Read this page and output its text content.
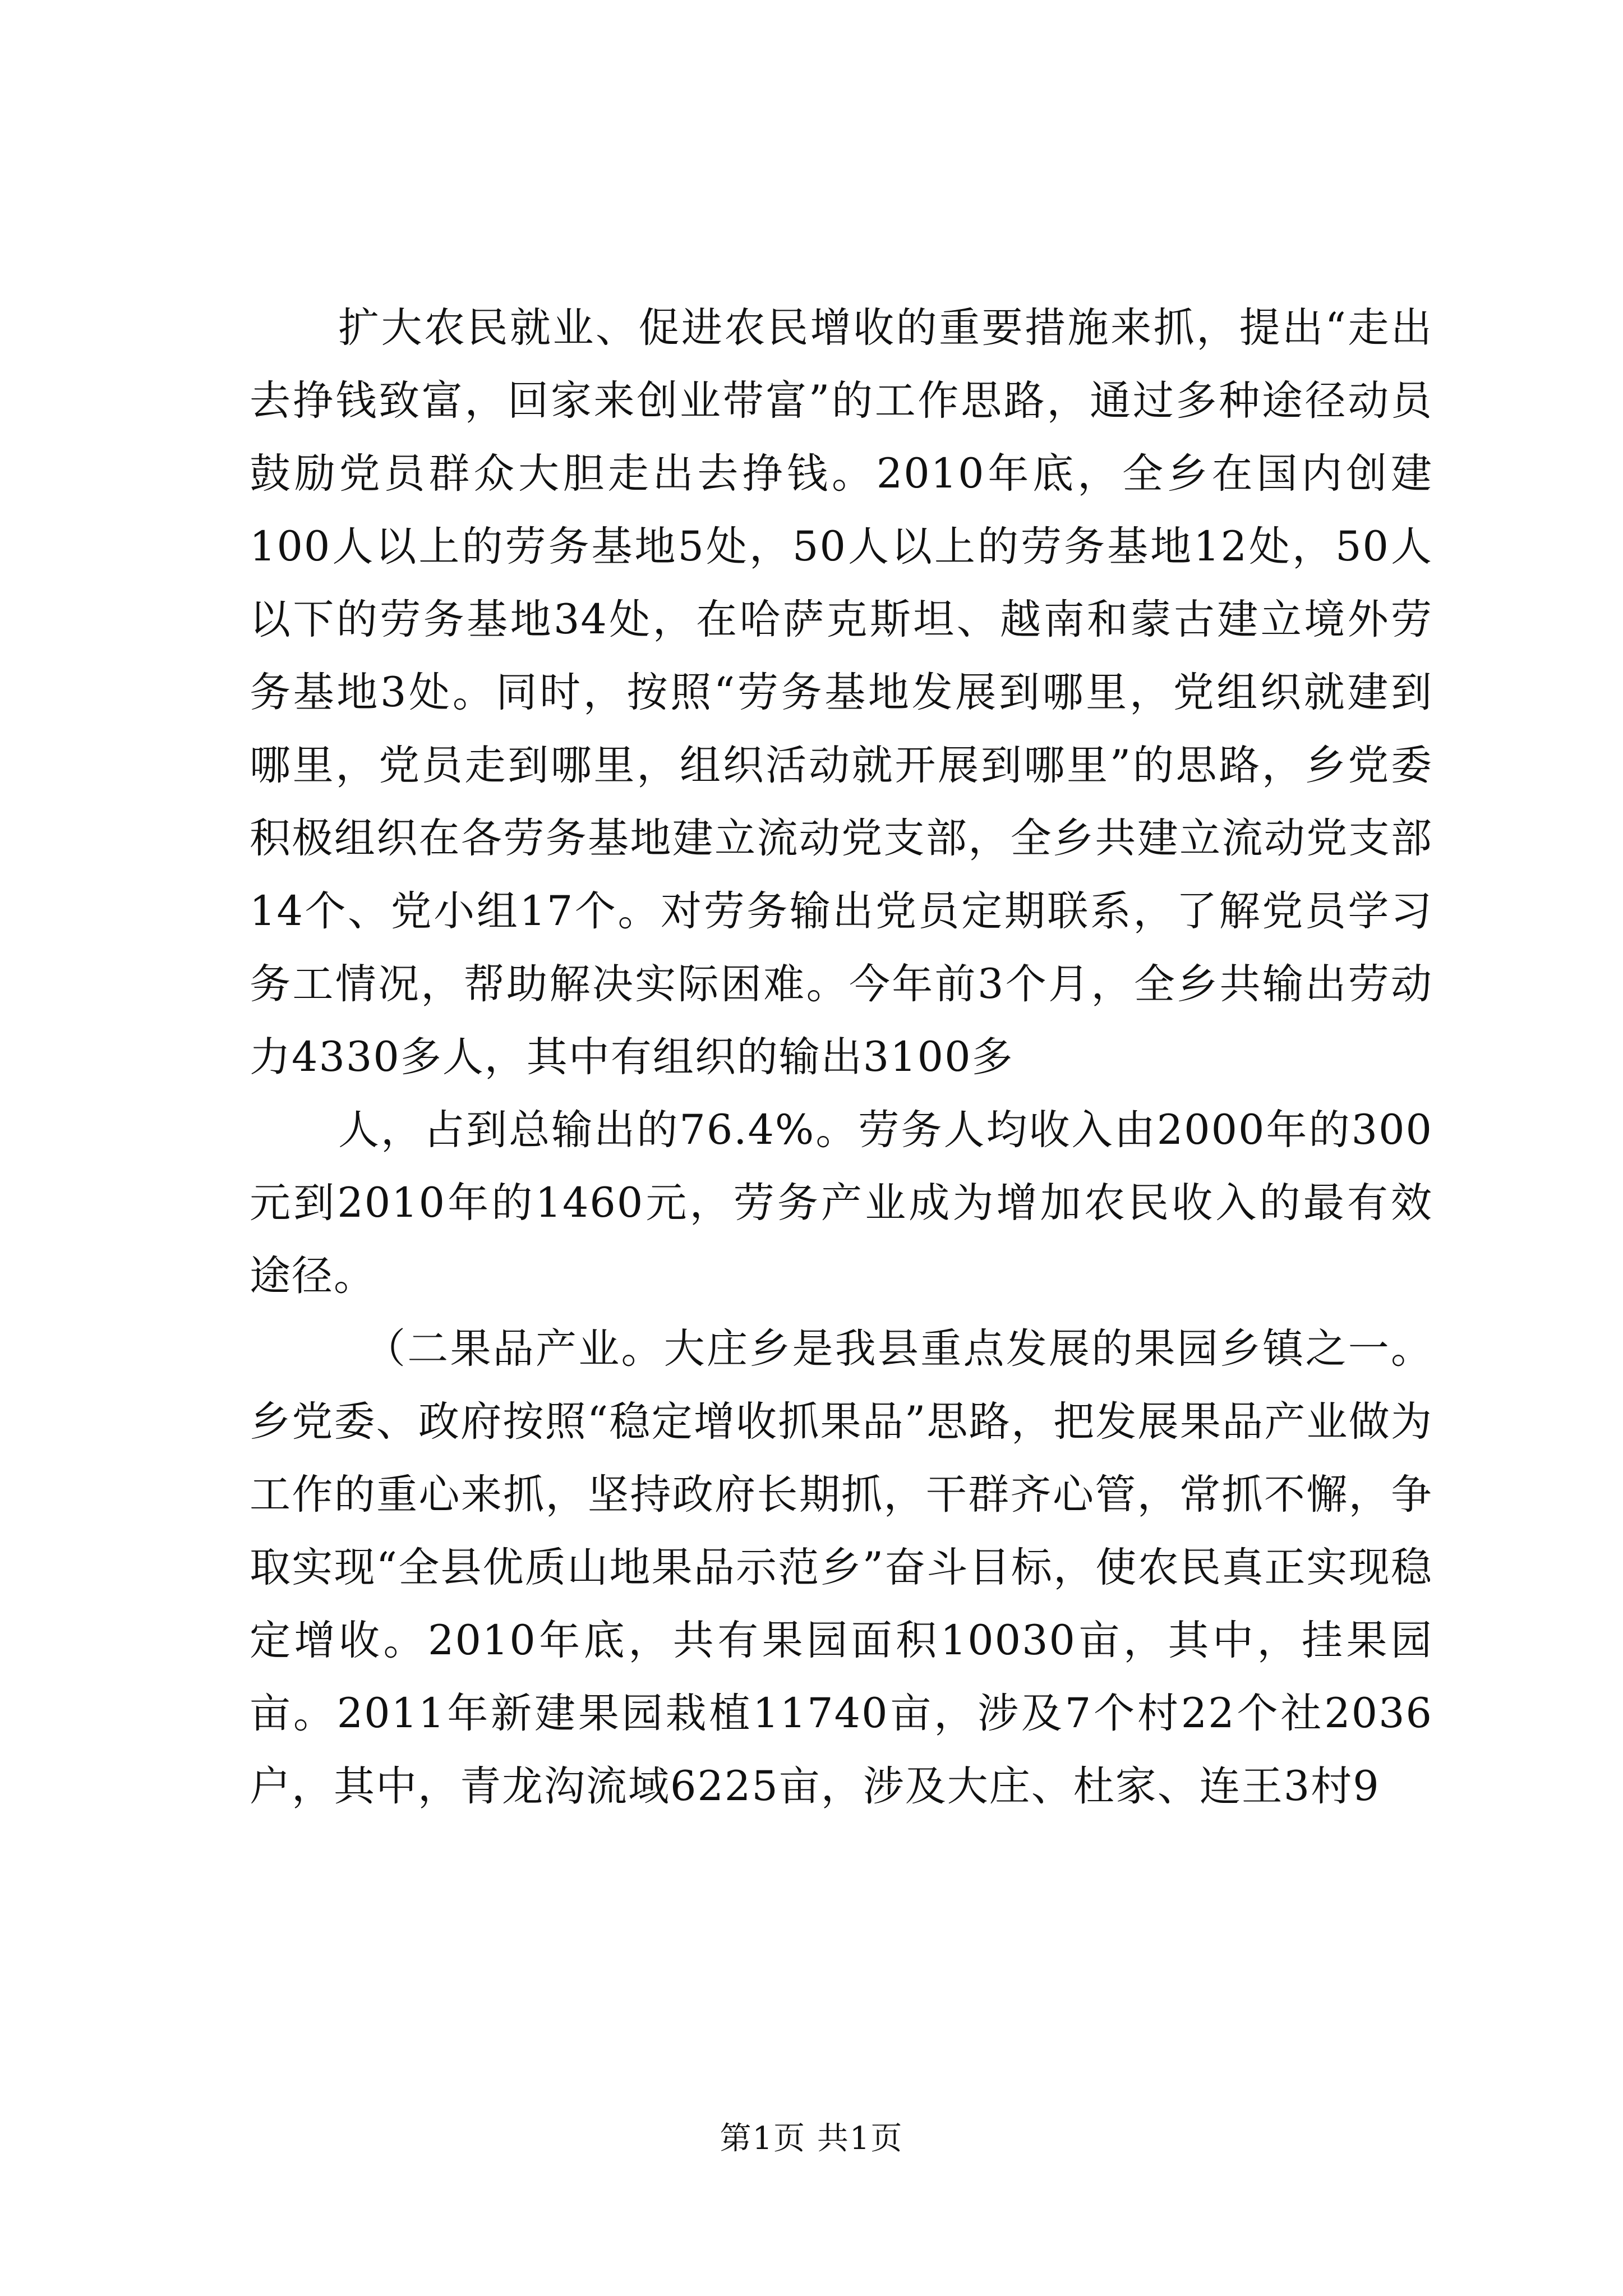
扩大农民就业、促进农民增收的重要措施来抓，提出“走出去挣钱致富，回家来创业带富”的工作思路，通过多种途径动员鼓励党员群众大胆走出去挣钱。2010年底，全乡在国内创建100人以上的劳务基地5处，50人以上的劳务基地12处，50人以下的劳务基地34处，在哈萨克斯坦、越南和蒙古建立境外劳务基地3处。同时，按照“劳务基地发展到哪里，党组织就建到哪里，党员走到哪里，组织活动就开展到哪里”的思路，乡党委积极组织在各劳务基地建立流动党支部，全乡共建立流动党支部14个、党小组17个。对劳务输出党员定期联系，了解党员学习务工情况，帮助解决实际困难。今年前3个月，全乡共输出劳动力4330多人，其中有组织的输出3100多

人，占到总输出的76.4%。劳务人均收入由2000年的300元到2010年的1460元，劳务产业成为增加农民收入的最有效途径。

（二果品产业。大庄乡是我县重点发展的果园乡镇之一。乡党委、政府按照“稳定增收抓果品”思路，把发展果品产业做为工作的重心来抓，坚持政府长期抓，干群齐心管，常抓不懈，争取实现“全县优质山地果品示范乡”奋斗目标，使农民真正实现稳定增收。2010年底，共有果园面积10030亩，其中，挂果园亩。2011年新建果园栽植11740亩，涉及7个村22个社2036户，其中，青龙沟流域6225亩，涉及大庄、杜家、连王3村9

第1页 共1页
